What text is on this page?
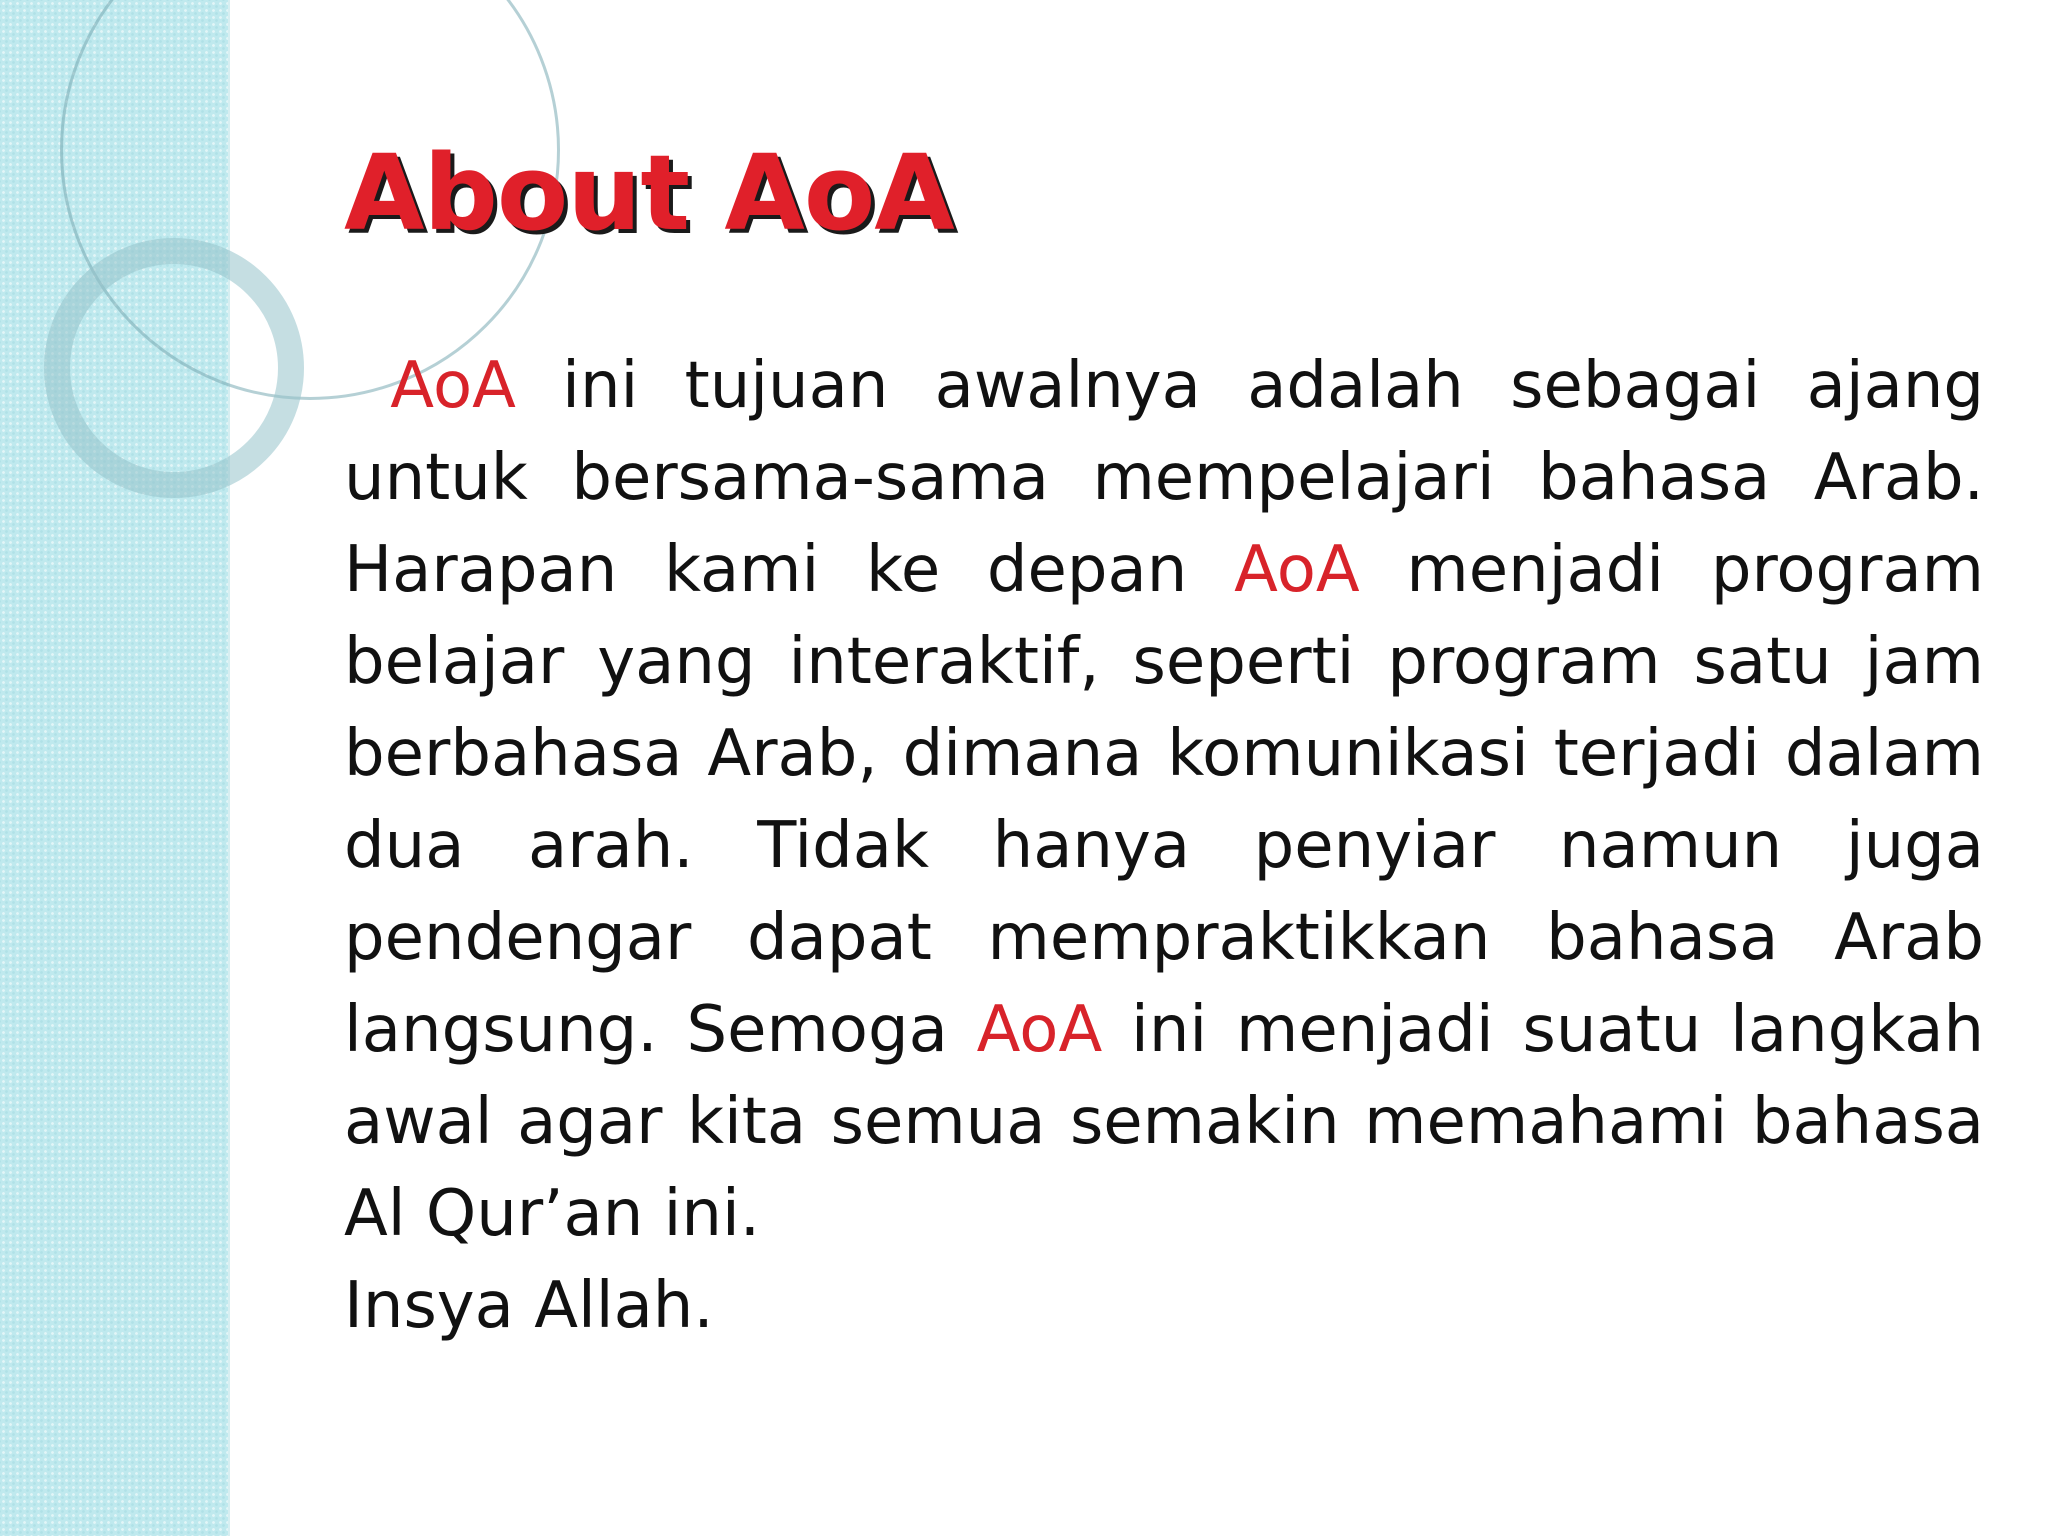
About AoA

AoA ini tujuan awalnya adalah sebagai ajang untuk bersama-sama mempelajari bahasa Arab. Harapan kami ke depan AoA menjadi program belajar yang interaktif, seperti program satu jam berbahasa Arab, dimana komunikasi terjadi dalam dua arah. Tidak hanya penyiar namun juga pendengar dapat mempraktikkan bahasa Arab langsung. Semoga AoA ini menjadi suatu langkah awal agar kita semua semakin memahami bahasa Al Qur’an ini.
Insya Allah.
